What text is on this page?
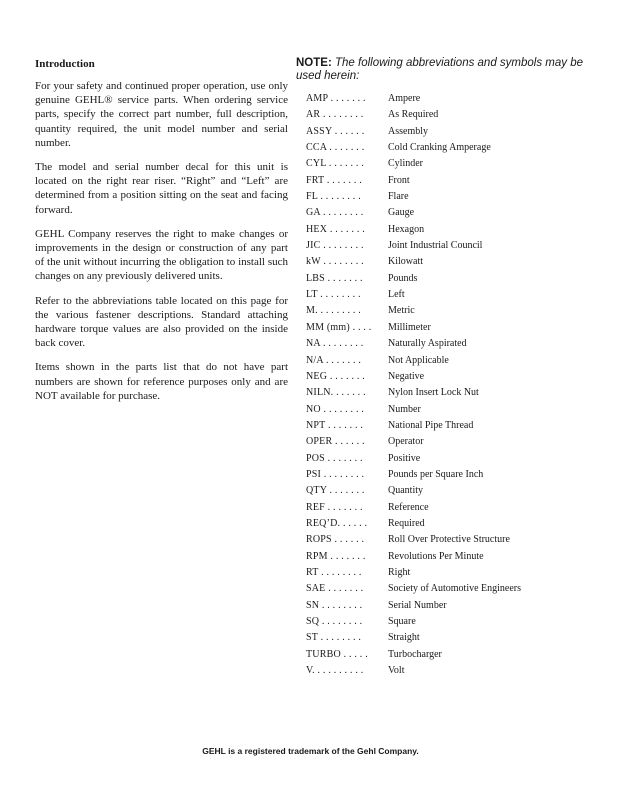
Introduction

For your safety and continued proper operation, use only genuine GEHL® service parts. When ordering service parts, specify the correct part number, full description, quantity required, the unit model number and serial number.

The model and serial number decal for this unit is located on the right rear riser. “Right” and “Left” are determined from a position sitting on the seat and facing forward.

GEHL Company reserves the right to make changes or improvements in the design or construction of any part of the unit without incurring the obligation to install such changes on any previously delivered units.

Refer to the abbreviations table located on this page for the various fastener descriptions. Standard attaching hardware torque values are also provided on the inside back cover.

Items shown in the parts list that do not have part numbers are shown for reference purposes only and are NOT available for purchase.

NOTE: The following abbreviations and symbols may be used herein:
AMP . . . . . . .	Ampere
AR . . . . . . . .	As Required
ASSY . . . . . .	Assembly
CCA . . . . . . .	Cold Cranking Amperage
CYL . . . . . . .	Cylinder
FRT . . . . . . .	Front
FL . . . . . . . .	Flare
GA . . . . . . . .	Gauge
HEX . . . . . . .	Hexagon
JIC . . . . . . . .	Joint Industrial Council
kW . . . . . . . .	Kilowatt
LBS . . . . . . .	Pounds
LT . . . . . . . .	Left
M. . . . . . . . .	Metric
MM (mm) . . . .	Millimeter
NA . . . . . . . .	Naturally Aspirated
N/A . . . . . . .	Not Applicable
NEG . . . . . . .	Negative
NILN. . . . . . .	Nylon Insert Lock Nut
NO . . . . . . . .	Number
NPT . . . . . . .	National Pipe Thread
OPER . . . . . .	Operator
POS . . . . . . .	Positive
PSI . . . . . . . .	Pounds per Square Inch
QTY . . . . . . .	Quantity
REF . . . . . . .	Reference
REQ’D. . . . . .	Required
ROPS . . . . . .	Roll Over Protective Structure
RPM . . . . . . .	Revolutions Per Minute
RT . . . . . . . .	Right
SAE . . . . . . .	Society of Automotive Engineers
SN . . . . . . . .	Serial Number
SQ . . . . . . . .	Square
ST . . . . . . . .	Straight
TURBO . . . . .	Turbocharger
V. . . . . . . . . .	Volt
GEHL is a registered trademark of the Gehl Company.
